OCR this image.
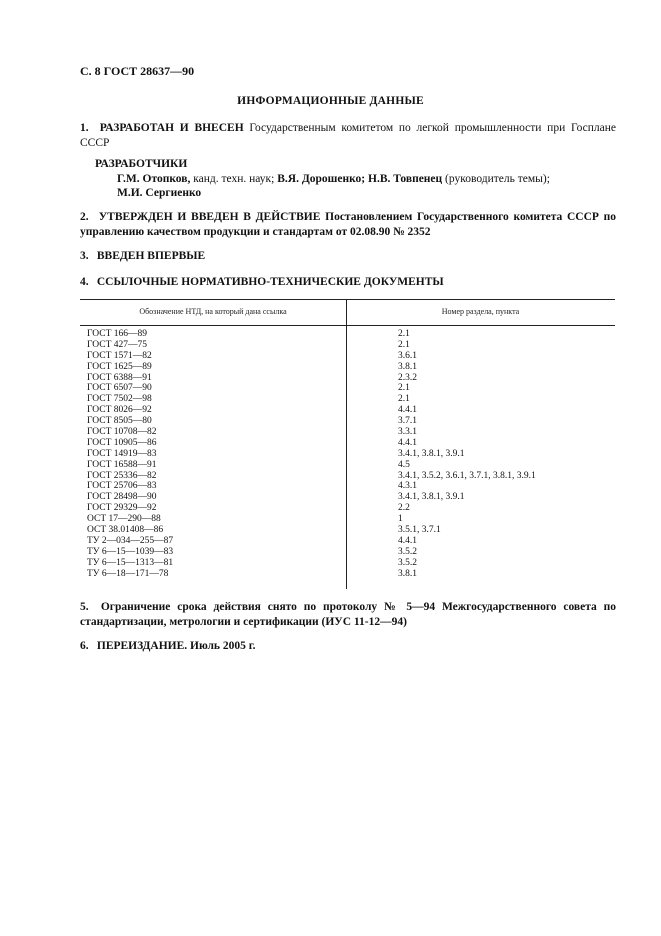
С. 8 ГОСТ 28637—90
ИНФОРМАЦИОННЫЕ ДАННЫЕ
1. РАЗРАБОТАН И ВНЕСЕН Государственным комитетом по легкой промышленности при Госплане СССР
РАЗРАБОТЧИКИ
Г.М. Отопков, канд. техн. наук; В.Я. Дорошенко; Н.В. Товпенец (руководитель темы);
М.И. Сергиенко
2. УТВЕРЖДЕН И ВВЕДЕН В ДЕЙСТВИЕ Постановлением Государственного комитета СССР по управлению качеством продукции и стандартам от 02.08.90 № 2352
3. ВВЕДЕН ВПЕРВЫЕ
4. ССЫЛОЧНЫЕ НОРМАТИВНО-ТЕХНИЧЕСКИЕ ДОКУМЕНТЫ
Обозначение НТД, на который дана ссылка	Номер раздела, пункта
ГОСТ 166—89
ГОСТ 427—75
ГОСТ 1571—82
ГОСТ 1625—89
ГОСТ 6388—91
ГОСТ 6507—90
ГОСТ 7502—98
ГОСТ 8026—92
ГОСТ 8505—80
ГОСТ 10708—82
ГОСТ 10905—86
ГОСТ 14919—83
ГОСТ 16588—91
ГОСТ 25336—82
ГОСТ 25706—83
ГОСТ 28498—90
ГОСТ 29329—92
ОСТ 17—290—88
ОСТ 38.01408—86
ТУ 2—034—255—87
ТУ 6—15—1039—83
ТУ 6—15—1313—81
ТУ 6—18—171—78
2.1
2.1
3.6.1
3.8.1
2.3.2
2.1
2.1
4.4.1
3.7.1
3.3.1
4.4.1
3.4.1, 3.8.1, 3.9.1
4.5
3.4.1, 3.5.2, 3.6.1, 3.7.1, 3.8.1, 3.9.1
4.3.1
3.4.1, 3.8.1, 3.9.1
2.2
1
3.5.1, 3.7.1
4.4.1
3.5.2
3.5.2
3.8.1
5. Ограничение срока действия снято по протоколу № 5—94 Межгосударственного совета по стандартизации, метрологии и сертификации (ИУС 11-12—94)
6. ПЕРЕИЗДАНИЕ. Июль 2005 г.
